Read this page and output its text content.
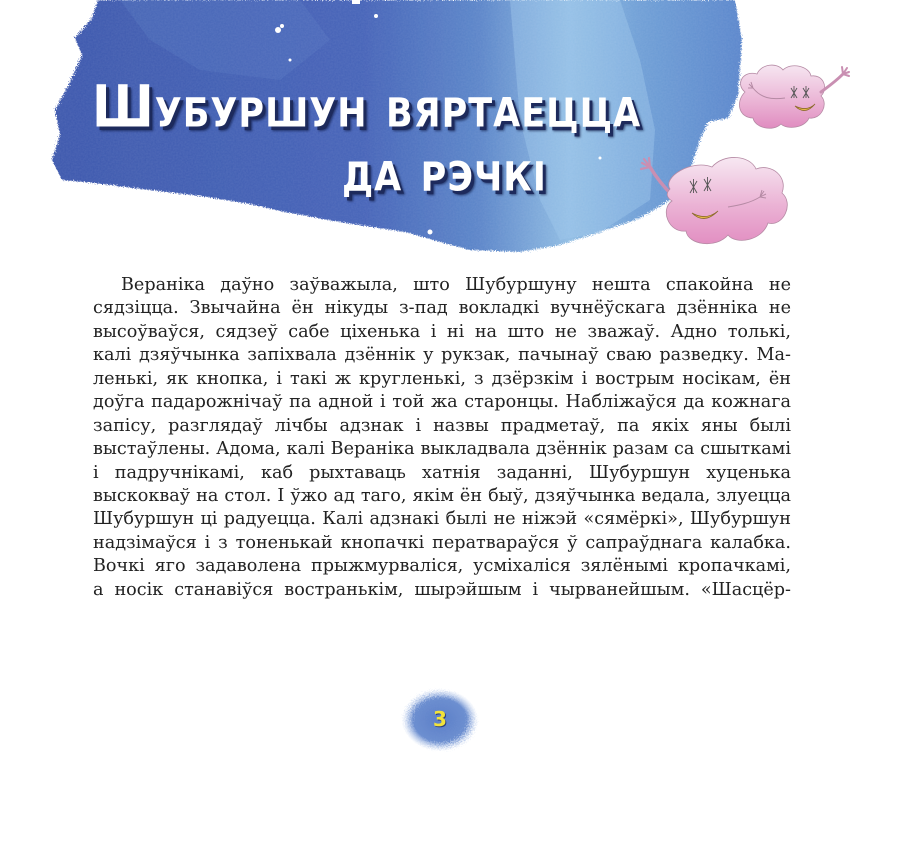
Шубуршун вяртаецца
да рэчкі
Вераніка даўно заўважыла, што Шубуршуну нешта спакойна не
сядзіцца. Звычайна ён нікуды з-пад вокладкі вучнёўскага дзённіка не
высоўваўся, сядзеў сабе ціхенька і ні на што не зважаў. Адно толькі,
калі дзяўчынка запіхвала дзённік у рукзак, пачынаў сваю разведку. Ма-
ленькі, як кнопка, і такі ж кругленькі, з дзёрзкім і вострым носікам, ён
доўга падарожнічаў па адной і той жа старонцы. Набліжаўся да кожнага
запісу, разглядаў лічбы адзнак і назвы прадметаў, па якіх яны былі
выстаўлены. Адома, калі Вераніка выкладвала дзённік разам са сшыткамі
і падручнікамі, каб рыхтаваць хатнія заданні, Шубуршун хуценька
выскокваў на стол. І ўжо ад таго, якім ён быў, дзяўчынка ведала, злуецца
Шубуршун ці радуецца. Калі адзнакі былі не ніжэй «сямёркі», Шубуршун
надзімаўся і з тоненькай кнопачкі ператвараўся ў сапраўднага калабка.
Вочкі яго задаволена прыжмурваліся, усміхаліся зялёнымі кропачкамі,
а носік станавіўся востранькім, шырэйшым і чырванейшым. «Шасцёр-
3
